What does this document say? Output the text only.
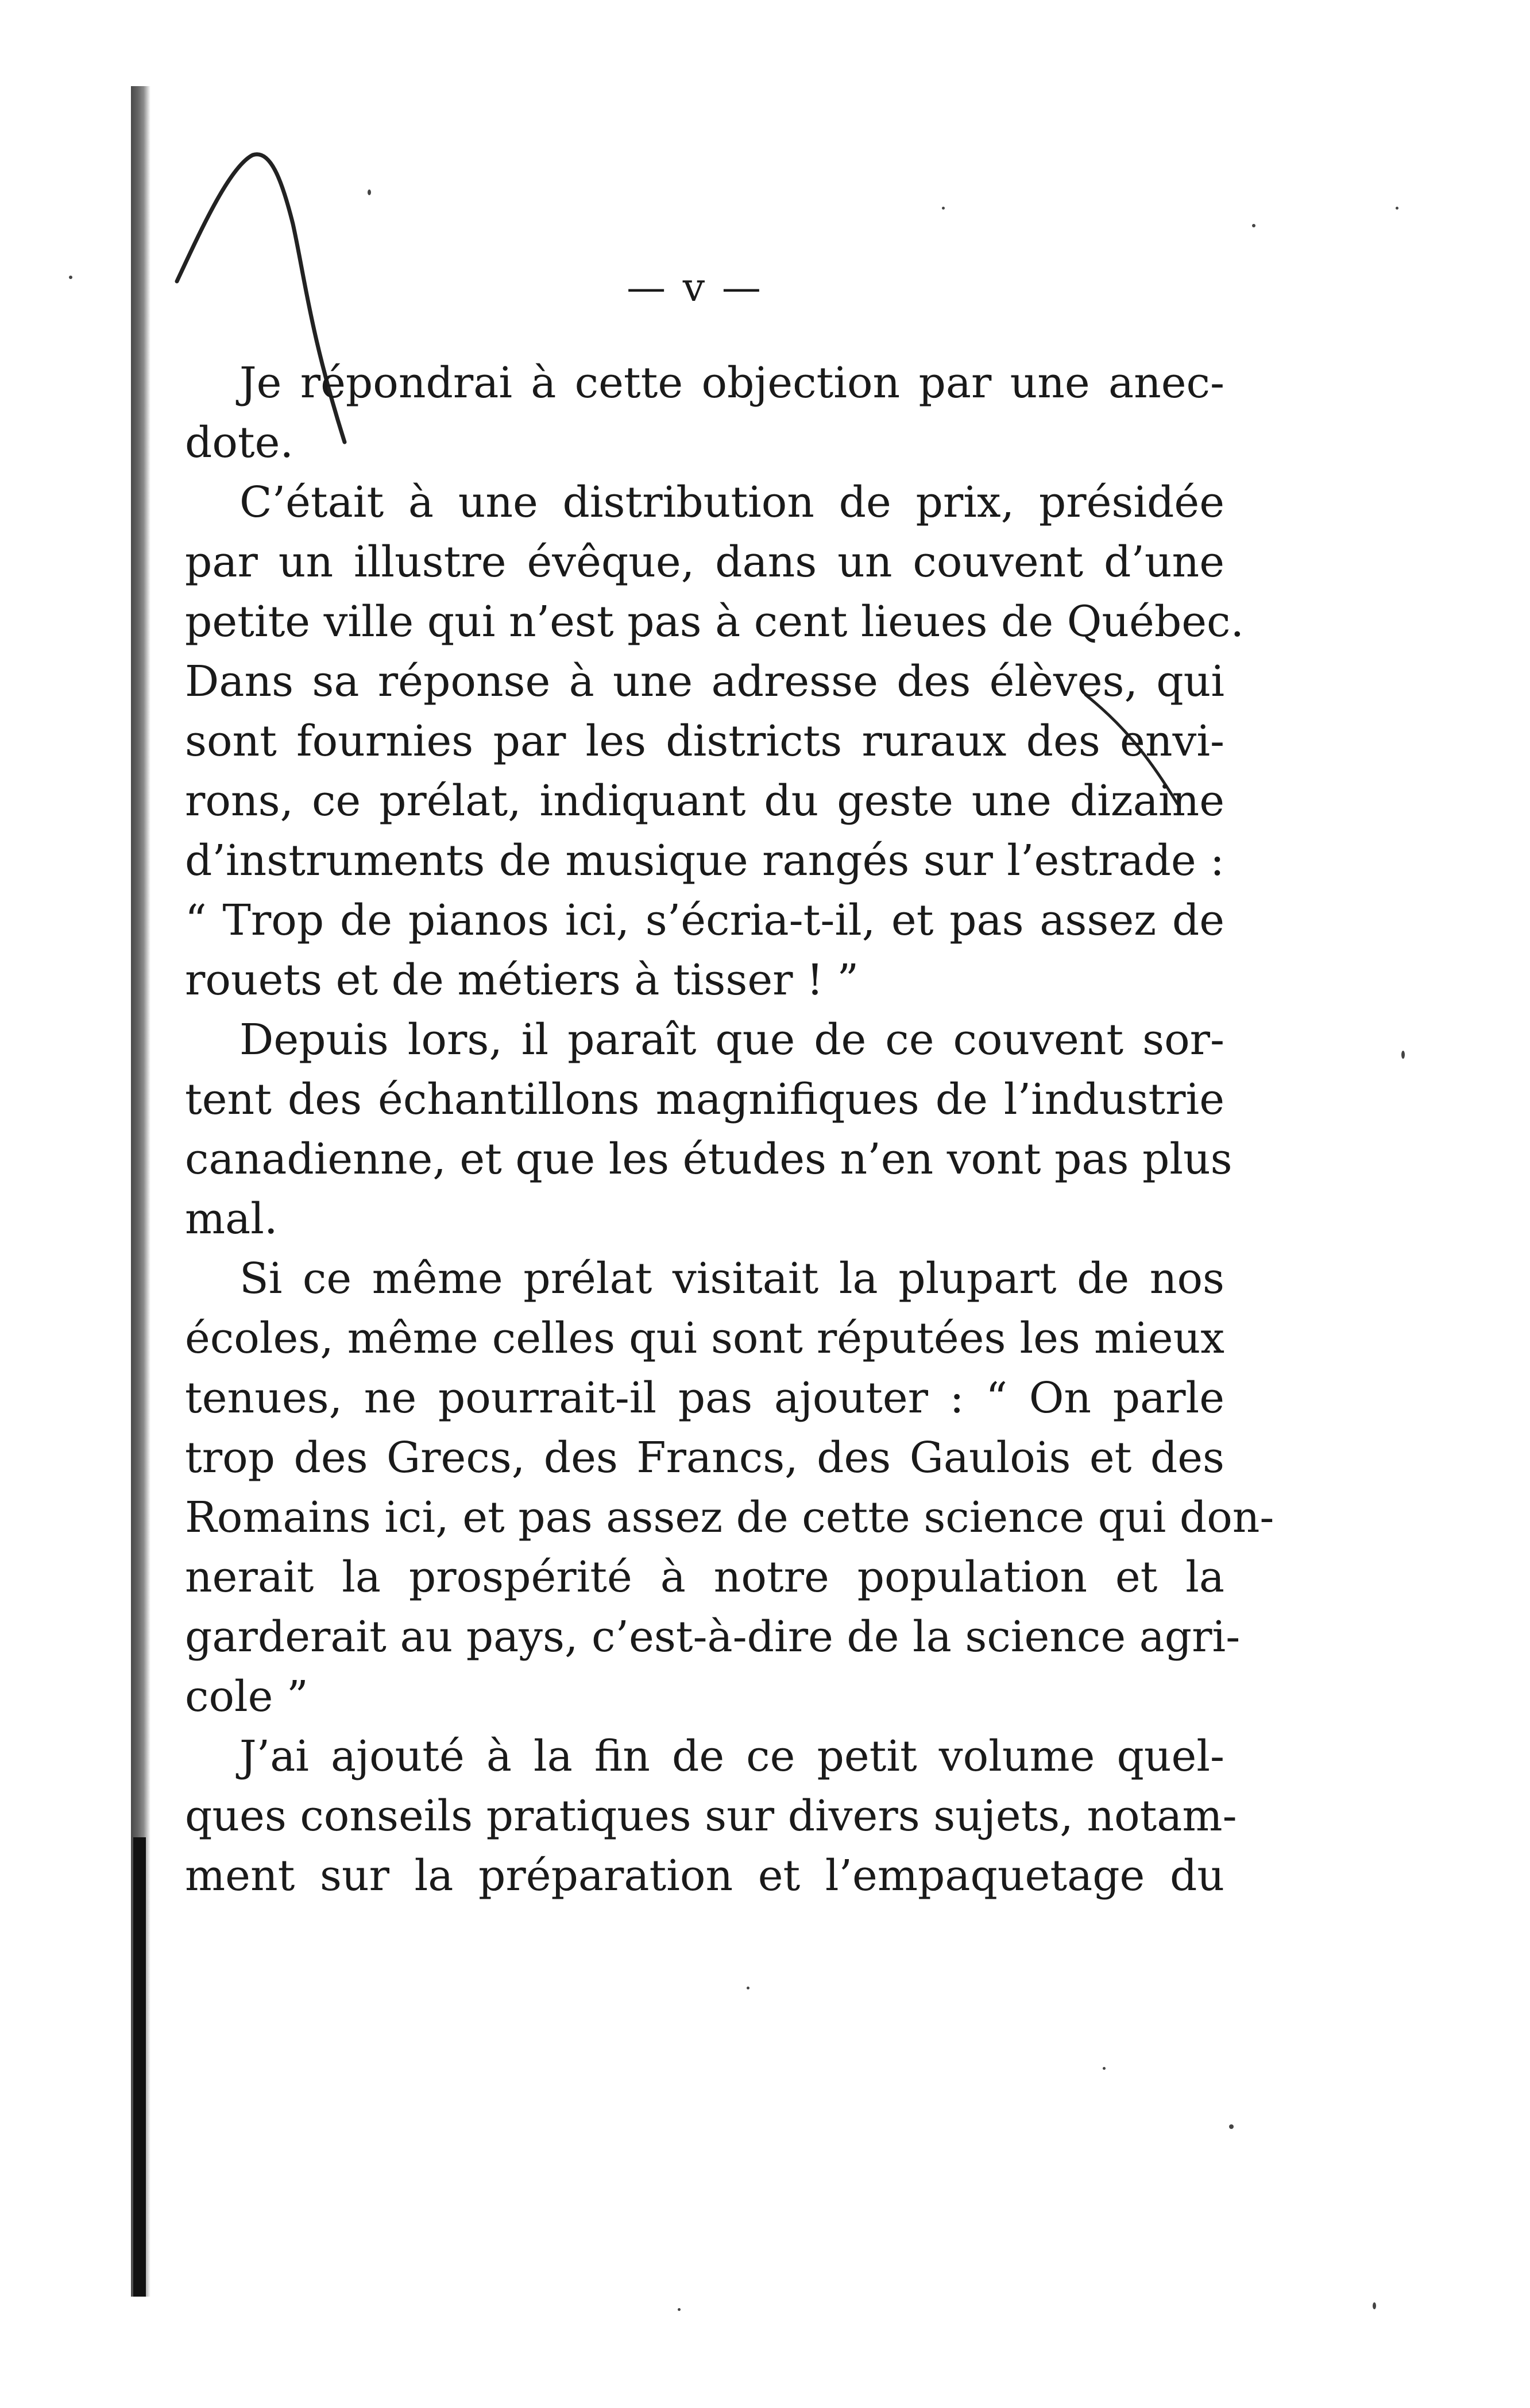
— v —
Je répondrai à cette objection par une anec-
dote.
C’était à une distribution de prix, présidée
par un illustre évêque, dans un couvent d’une
petite ville qui n’est pas à cent lieues de Québec.
Dans sa réponse à une adresse des élèves, qui
sont fournies par les districts ruraux des envi-
rons, ce prélat, indiquant du geste une dizaine
d’instruments de musique rangés sur l’estrade :
“ Trop de pianos ici, s’écria-t-il, et pas assez de
rouets et de métiers à tisser ! ”
Depuis lors, il paraît que de ce couvent sor-
tent des échantillons magnifiques de l’industrie
canadienne, et que les études n’en vont pas plus
mal.
Si ce même prélat visitait la plupart de nos
écoles, même celles qui sont réputées les mieux
tenues, ne pourrait-il pas ajouter : “ On parle
trop des Grecs, des Francs, des Gaulois et des
Romains ici, et pas assez de cette science qui don-
nerait la prospérité à notre population et la
garderait au pays, c’est-à-dire de la science agri-
cole ”
J’ai ajouté à la fin de ce petit volume quel-
ques conseils pratiques sur divers sujets, notam-
ment sur la préparation et l’empaquetage du
